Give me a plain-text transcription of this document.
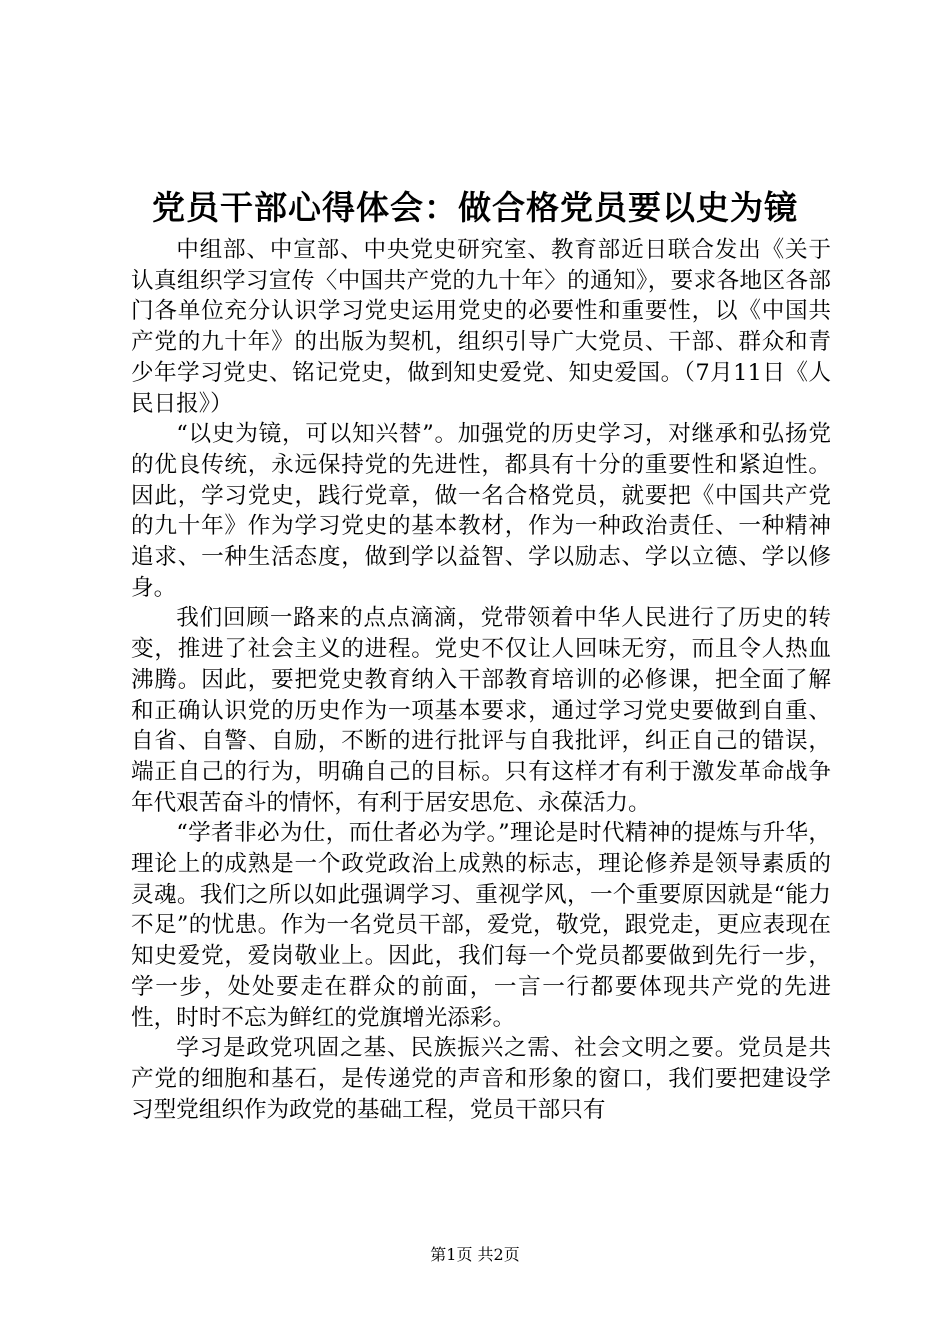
党员干部心得体会：做合格党员要以史为镜

中组部、中宣部、中央党史研究室、教育部近日联合发出《关于认真组织学习宣传〈中国共产党的九十年〉的通知》，要求各地区各部门各单位充分认识学习党史运用党史的必要性和重要性，以《中国共产党的九十年》的出版为契机，组织引导广大党员、干部、群众和青少年学习党史、铭记党史，做到知史爱党、知史爱国。（7月11日《人民日报》）

“以史为镜，可以知兴替”。加强党的历史学习，对继承和弘扬党的优良传统，永远保持党的先进性，都具有十分的重要性和紧迫性。因此，学习党史，践行党章，做一名合格党员，就要把《中国共产党的九十年》作为学习党史的基本教材，作为一种政治责任、一种精神追求、一种生活态度，做到学以益智、学以励志、学以立德、学以修身。

我们回顾一路来的点点滴滴，党带领着中华人民进行了历史的转变，推进了社会主义的进程。党史不仅让人回味无穷，而且令人热血沸腾。因此，要把党史教育纳入干部教育培训的必修课，把全面了解和正确认识党的历史作为一项基本要求，通过学习党史要做到自重、自省、自警、自励，不断的进行批评与自我批评，纠正自己的错误，端正自己的行为，明确自己的目标。只有这样才有利于激发革命战争年代艰苦奋斗的情怀，有利于居安思危、永葆活力。

“学者非必为仕，而仕者必为学。”理论是时代精神的提炼与升华，理论上的成熟是一个政党政治上成熟的标志，理论修养是领导素质的灵魂。我们之所以如此强调学习、重视学风，一个重要原因就是“能力不足”的忧患。作为一名党员干部，爱党，敬党，跟党走，更应表现在知史爱党，爱岗敬业上。因此，我们每一个党员都要做到先行一步，学一步，处处要走在群众的前面，一言一行都要体现共产党的先进性，时时不忘为鲜红的党旗增光添彩。

学习是政党巩固之基、民族振兴之需、社会文明之要。党员是共产党的细胞和基石，是传递党的声音和形象的窗口，我们要把建设学习型党组织作为政党的基础工程，党员干部只有

第1页 共2页
